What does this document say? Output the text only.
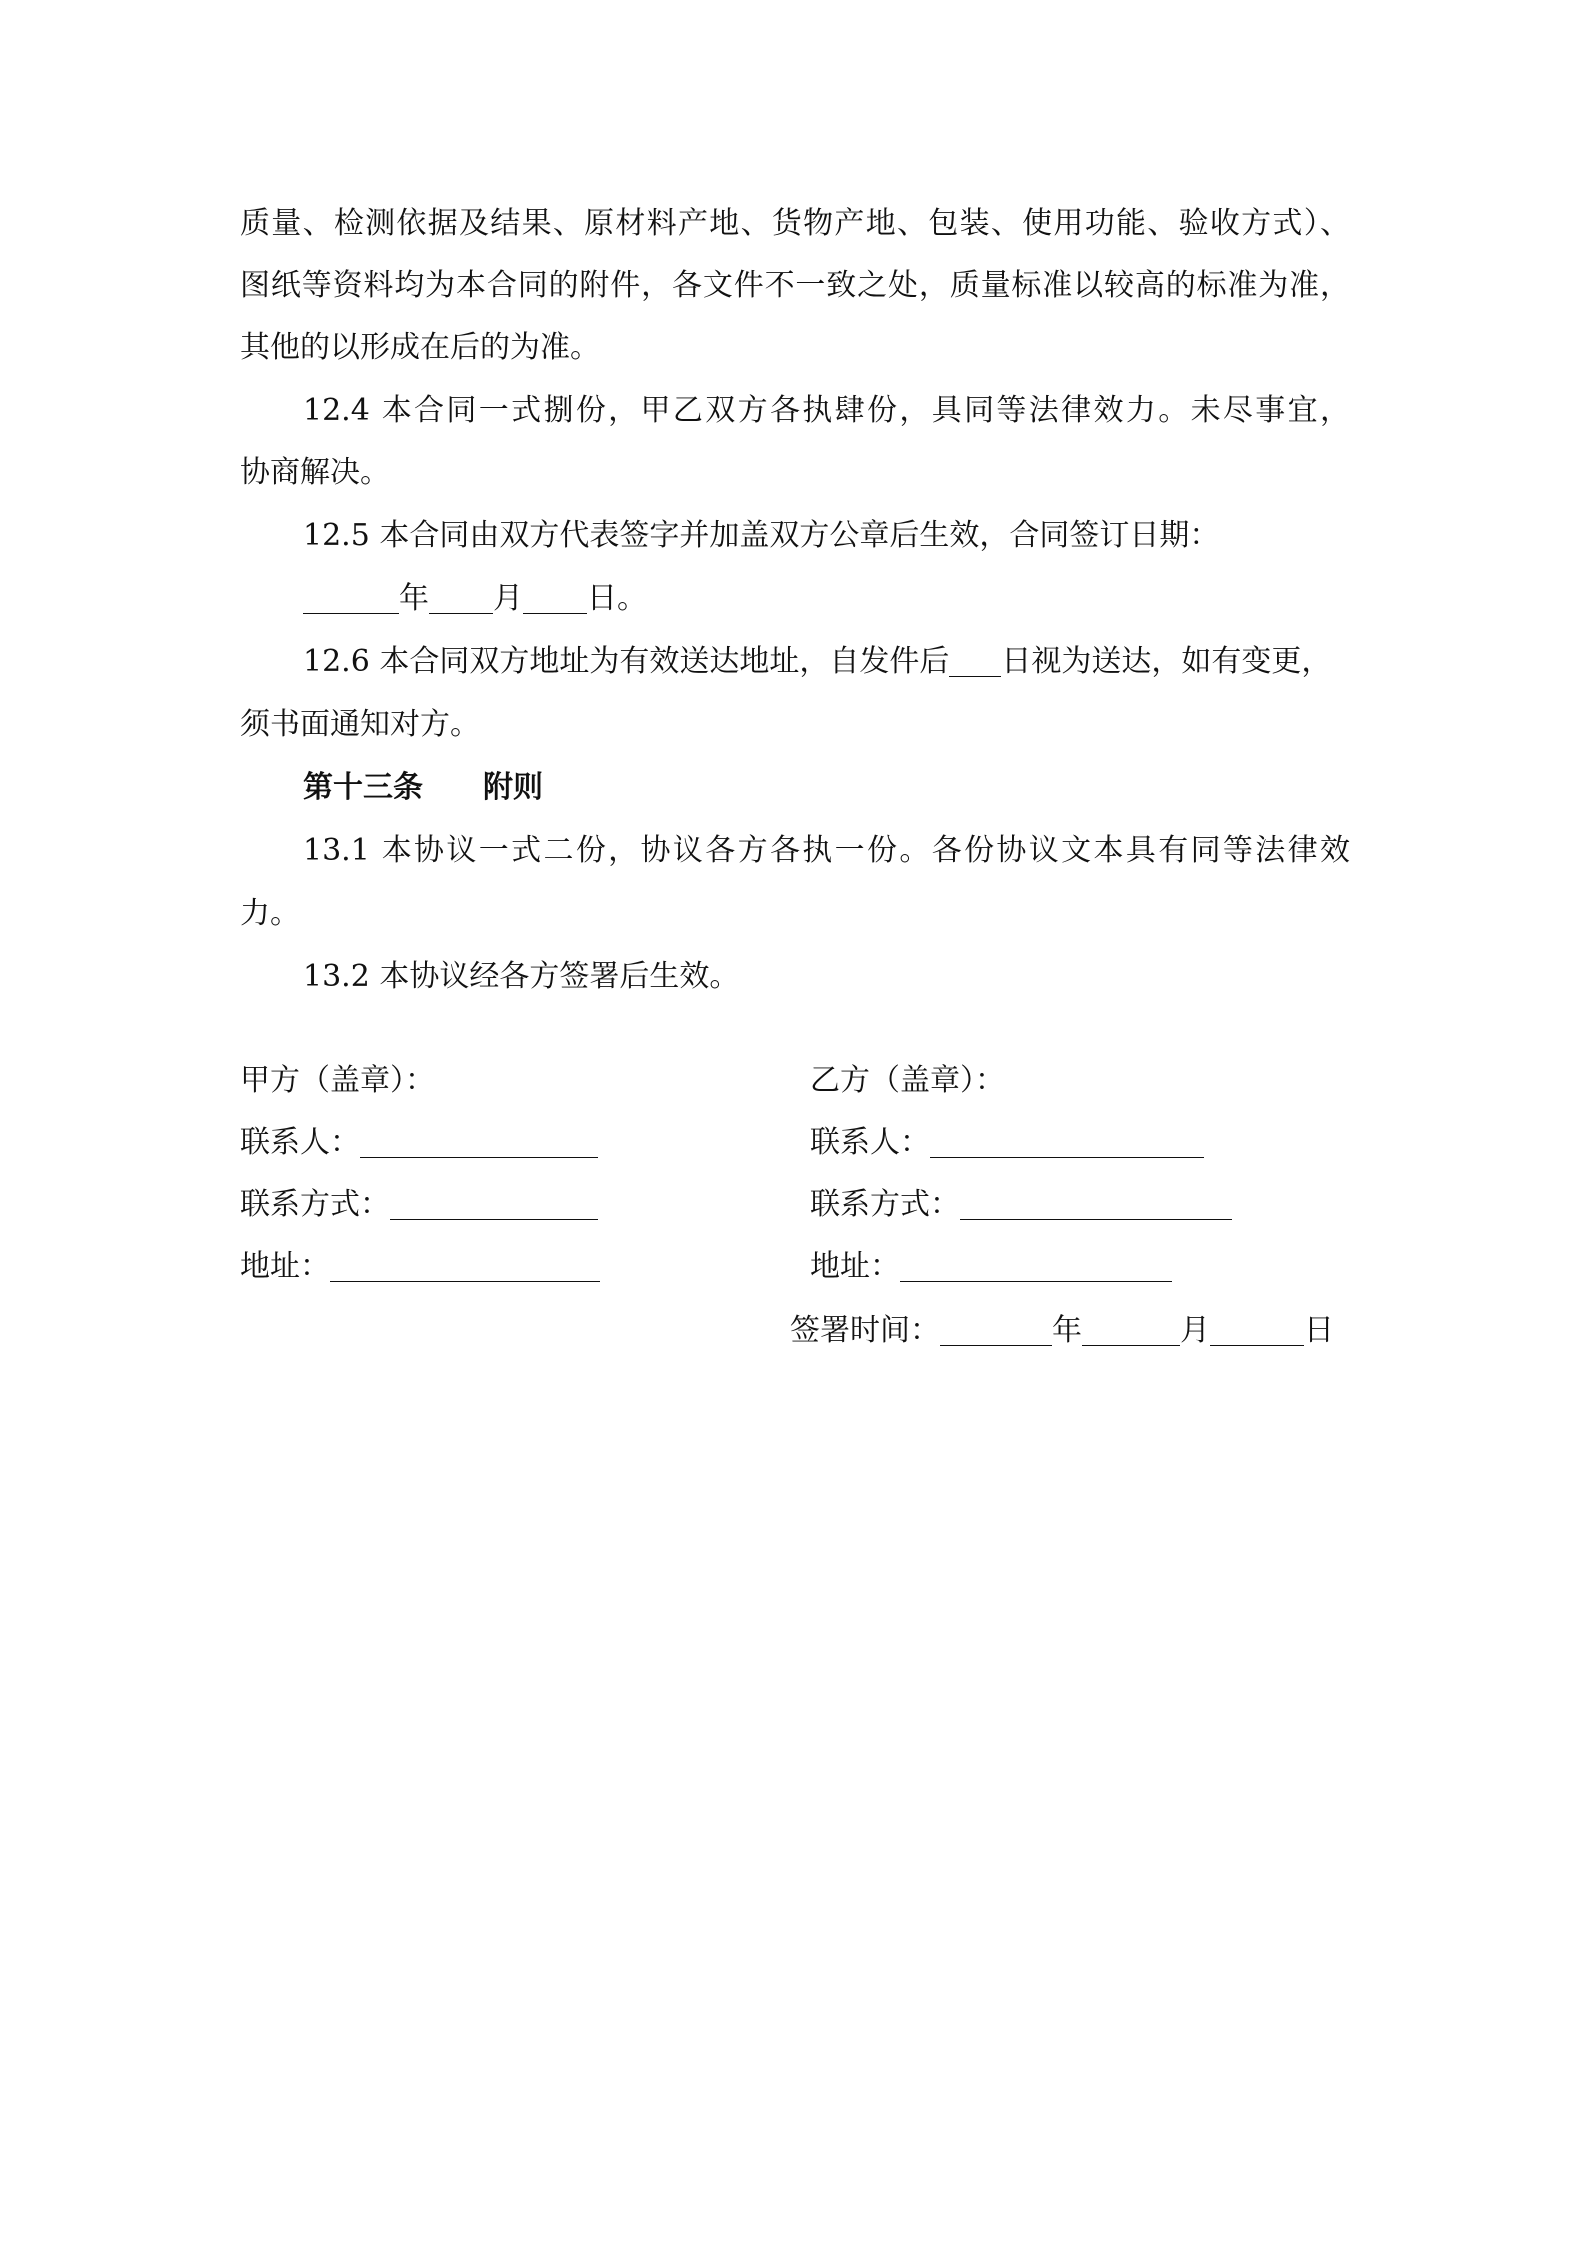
质量、检测依据及结果、原材料产地、货物产地、包装、使用功能、验收方式）、
图纸等资料均为本合同的附件，各文件不一致之处，质量标准以较高的标准为准，
其他的以形成在后的为准。
12.4 本合同一式捌份，甲乙双方各执肆份，具同等法律效力。未尽事宜，
协商解决。
12.5 本合同由双方代表签字并加盖双方公章后生效，合同签订日期：
年 月 日。
12.6 本合同双方地址为有效送达地址，自发件后 日视为送达，如有变更，
须书面通知对方。
第十三条 附则
13.1 本协议一式二份，协议各方各执一份。各份协议文本具有同等法律效
力。
13.2 本协议经各方签署后生效。
甲方（盖章）：
联系人：
联系方式：
地址：
乙方（盖章）：
联系人：
联系方式：
地址：
签署时间：	年	月	日
